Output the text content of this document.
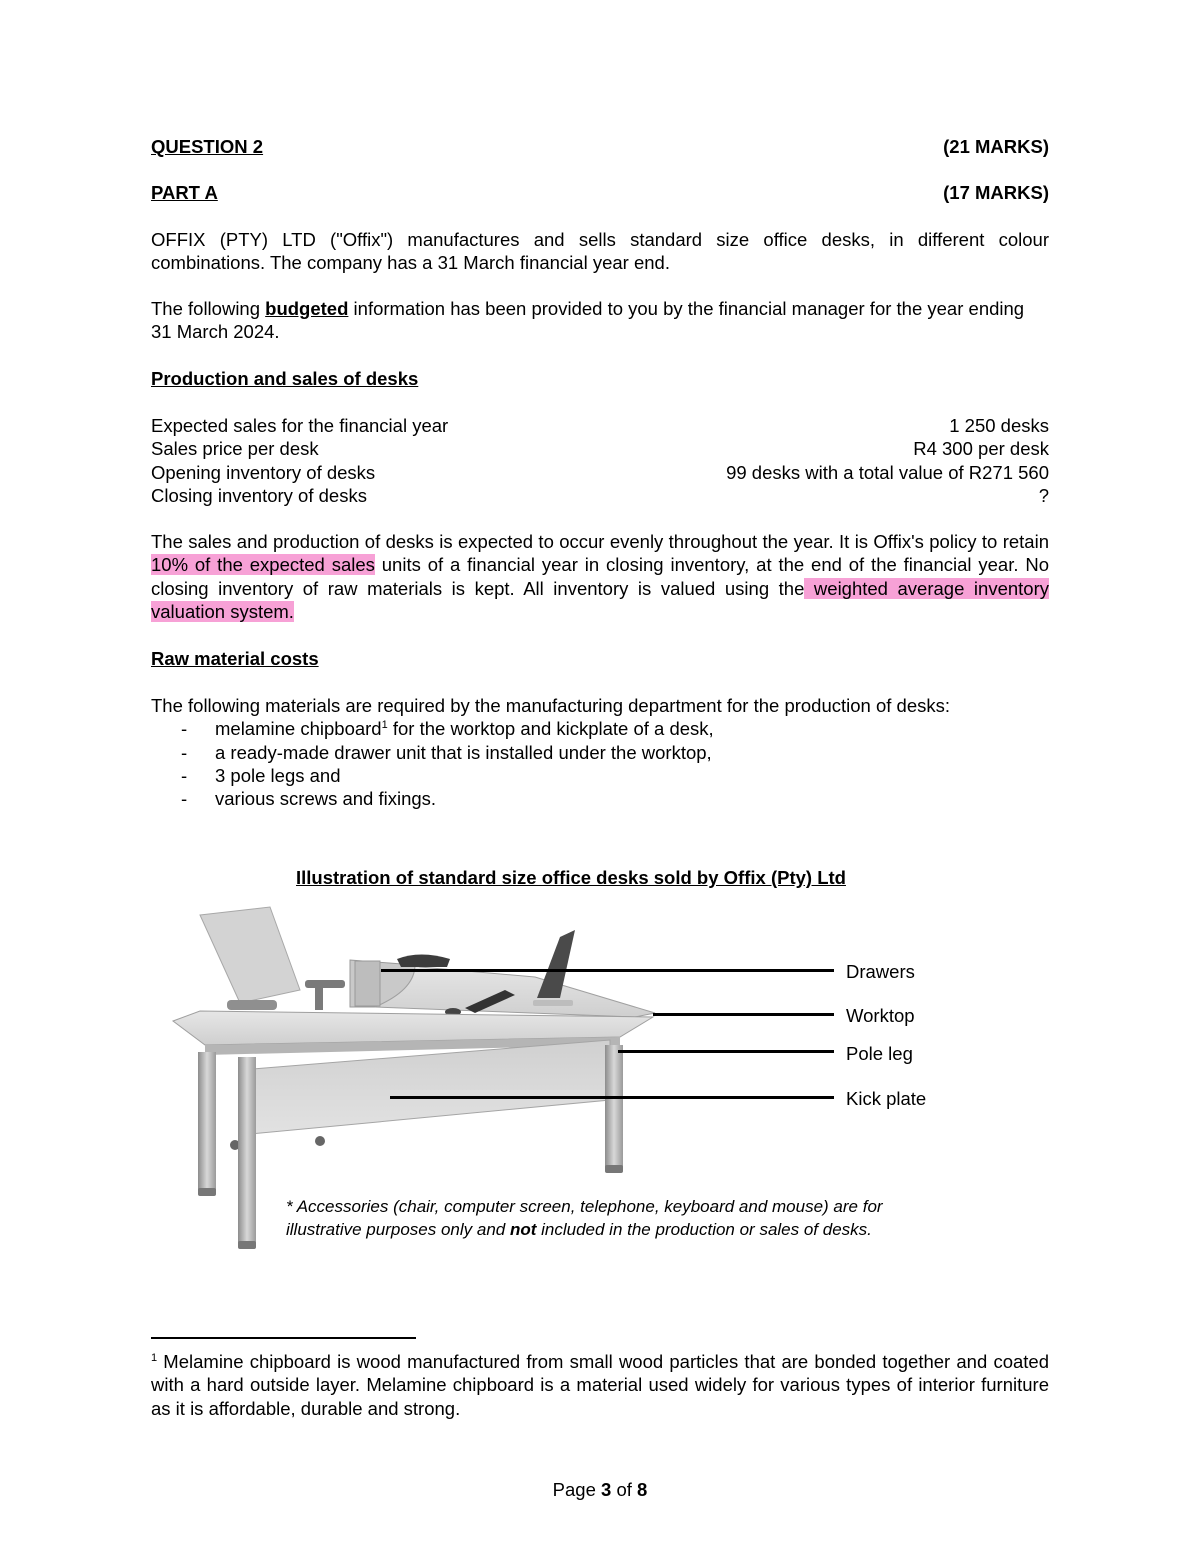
QUESTION 2	(21 MARKS)
PART A	(17 MARKS)
OFFIX (PTY) LTD ("Offix") manufactures and sells standard size office desks, in different colour combinations. The company has a 31 March financial year end.
The following budgeted information has been provided to you by the financial manager for the year ending 31 March 2024.
Production and sales of desks
Expected sales for the financial year	1 250 desks
Sales price per desk	R4 300 per desk
Opening inventory of desks	99 desks with a total value of R271 560
Closing inventory of desks	?
The sales and production of desks is expected to occur evenly throughout the year. It is Offix's policy to retain 10% of the expected sales units of a financial year in closing inventory, at the end of the financial year. No closing inventory of raw materials is kept. All inventory is valued using the weighted average inventory valuation system.
Raw material costs
The following materials are required by the manufacturing department for the production of desks:
- melamine chipboard$^1$ for the worktop and kickplate of a desk,
- a ready-made drawer unit that is installed under the worktop,
- 3 pole legs and
- various screws and fixings.
Illustration of standard size office desks sold by Offix (Pty) Ltd
Drawers
Worktop
Pole leg
Kick plate
* Accessories (chair, computer screen, telephone, keyboard and mouse) are for illustrative purposes only and not included in the production or sales of desks.
$^1$ Melamine chipboard is wood manufactured from small wood particles that are bonded together and coated with a hard outside layer. Melamine chipboard is a material used widely for various types of interior furniture as it is affordable, durable and strong.
Page 3 of 8
